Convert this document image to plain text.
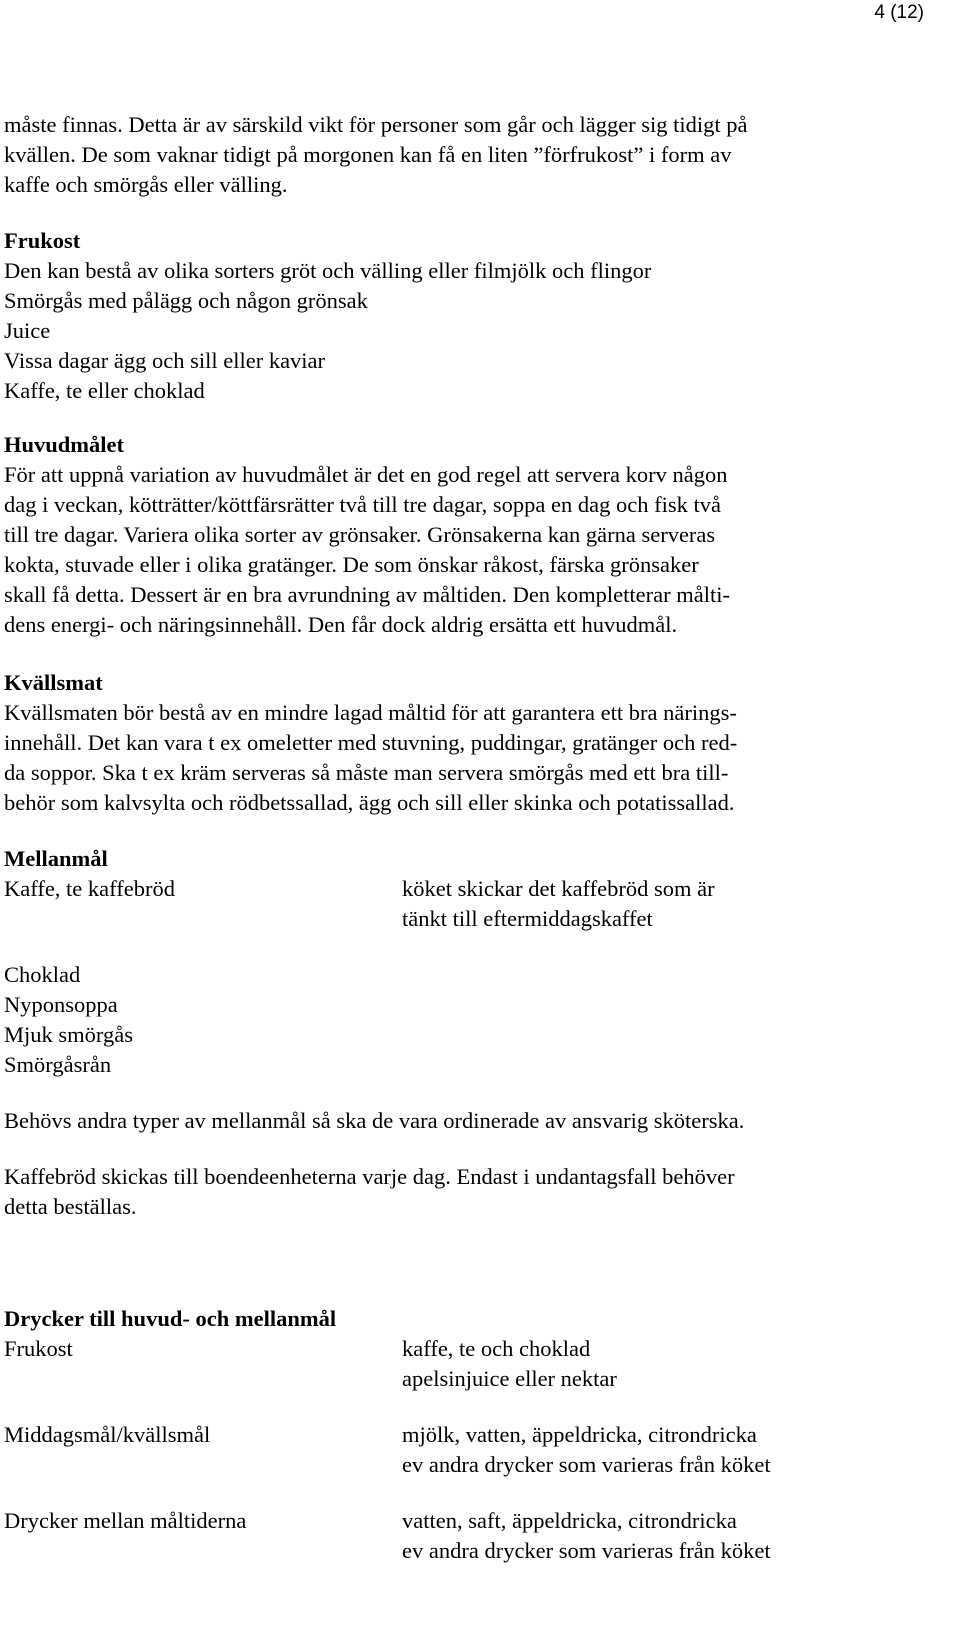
4 (12)
måste finnas. Detta är av särskild vikt för personer som går och lägger sig tidigt på
kvällen. De som vaknar tidigt på morgonen kan få en liten ”förfrukost” i form av
kaffe och smörgås eller välling.
Frukost
Den kan bestå av olika sorters gröt och välling eller filmjölk och flingor
Smörgås med pålägg och någon grönsak
Juice
Vissa dagar ägg och sill eller kaviar
Kaffe, te eller choklad
Huvudmålet
För att uppnå variation av huvudmålet är det en god regel att servera korv någon
dag i veckan, kötträtter/köttfärsrätter två till tre dagar, soppa en dag och fisk två
till tre dagar. Variera olika sorter av grönsaker. Grönsakerna kan gärna serveras
kokta, stuvade eller i olika gratänger. De som önskar råkost, färska grönsaker
skall få detta. Dessert är en bra avrundning av måltiden. Den kompletterar målti-
dens energi- och näringsinnehåll. Den får dock aldrig ersätta ett huvudmål.
Kvällsmat
Kvällsmaten bör bestå av en mindre lagad måltid för att garantera ett bra närings-
innehåll. Det kan vara t ex omeletter med stuvning, puddingar, gratänger och red-
da soppor. Ska t ex kräm serveras så måste man servera smörgås med ett bra till-
behör som kalvsylta och rödbetssallad, ägg och sill eller skinka och potatissallad.
Mellanmål
Kaffe, te kaffebröd	köket skickar det kaffebröd som är
tänkt till eftermiddagskaffet
Choklad
Nyponsoppa
Mjuk smörgås
Smörgåsrån
Behövs andra typer av mellanmål så ska de vara ordinerade av ansvarig sköterska.
Kaffebröd skickas till boendeenheterna varje dag. Endast i undantagsfall behöver
detta beställas.
Drycker till huvud- och mellanmål
Frukost	kaffe, te och choklad
apelsinjuice eller nektar
Middagsmål/kvällsmål	mjölk, vatten, äppeldricka, citrondricka
ev andra drycker som varieras från köket
Drycker mellan måltiderna	vatten, saft, äppeldricka, citrondricka
ev andra drycker som varieras från köket
